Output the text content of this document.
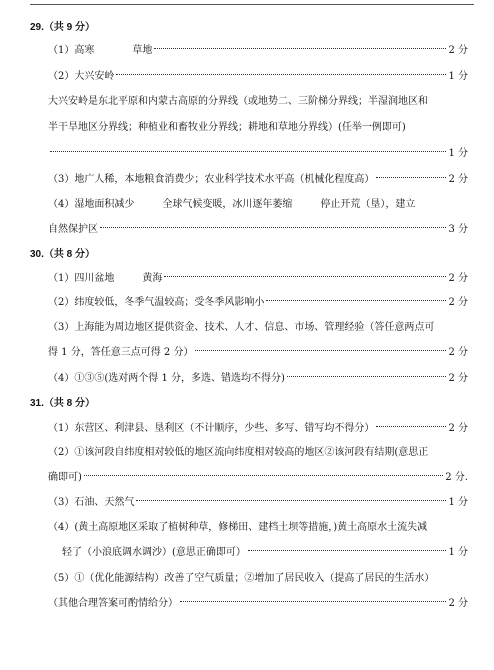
29.（共 9 分）
（1）高寒	草地	2 分
（2）大兴安岭	1 分
大兴安岭是东北平原和内蒙古高原的分界线（或地势二、三阶梯分界线；半湿润地区和
半干旱地区分界线；种植业和畜牧业分界线；耕地和草地分界线）(任举一例即可)
1 分
（3）地广人稀，本地粮食消费少；农业科学技术水平高（机械化程度高）	2 分
（4）湿地面积减少	全球气候变暖，冰川逐年萎缩	停止开荒（垦），建立
自然保护区	3 分
30.（共 8 分）
（1）四川盆地	黄海	2 分
（2）纬度较低，冬季气温较高；受冬季风影响小	2 分
（3）上海能为周边地区提供资金、技术、人才、信息、市场、管理经验（答任意两点可
得 1 分，答任意三点可得 2 分）	2 分
（4）①③⑤(选对两个得 1 分，多选、错选均不得分)	2 分
31.（共 8 分）
（1）东营区、利津县、垦利区（不计顺序，少些、多写、错写均不得分）	2 分
（2）①该河段自纬度相对较低的地区流向纬度相对较高的地区②该河段有结期(意思正
确即可)	2 分.
（3）石油、天然气	1 分
（4）(黄土高原地区采取了植树种草，修梯田、建档土坝等措施，)黄土高原水土流失减
轻了（小浪底调水调沙）(意思正确即可）	1 分
（5）①（优化能源结构）改善了空气质量；②增加了居民收入（提高了居民的生活水）
（其他合理答案可酌情给分）	2 分
